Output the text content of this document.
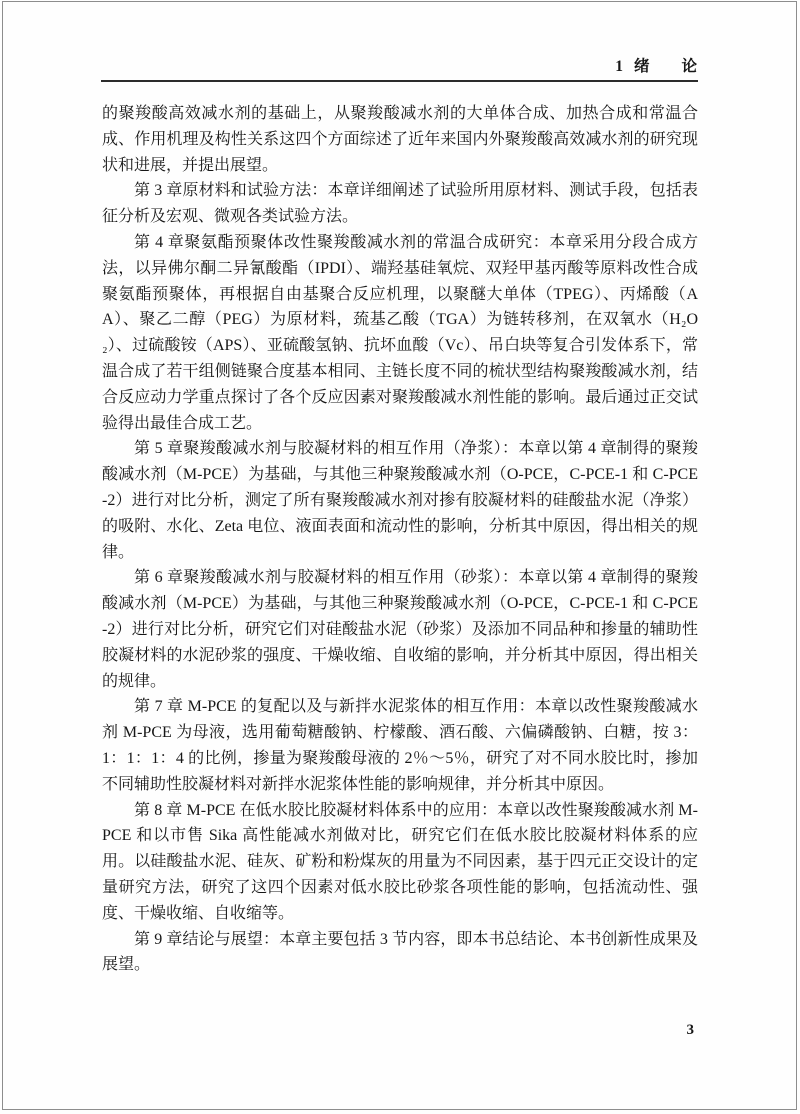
1 绪 论

的聚羧酸高效减水剂的基础上，从聚羧酸减水剂的大单体合成、加热合成和常温合成、作用机理及构性关系这四个方面综述了近年来国内外聚羧酸高效减水剂的研究现状和进展，并提出展望。

第 3 章原材料和试验方法：本章详细阐述了试验所用原材料、测试手段，包括表征分析及宏观、微观各类试验方法。

第 4 章聚氨酯预聚体改性聚羧酸减水剂的常温合成研究：本章采用分段合成方法，以异佛尔酮二异氰酸酯（IPDI）、端羟基硅氧烷、双羟甲基丙酸等原料改性合成聚氨酯预聚体，再根据自由基聚合反应机理，以聚醚大单体（TPEG）、丙烯酸（AA）、聚乙二醇（PEG）为原材料，巯基乙酸（TGA）为链转移剂，在双氧水（H₂O₂）、过硫酸铵（APS）、亚硫酸氢钠、抗坏血酸（Vc）、吊白块等复合引发体系下，常温合成了若干组侧链聚合度基本相同、主链长度不同的梳状型结构聚羧酸减水剂，结合反应动力学重点探讨了各个反应因素对聚羧酸减水剂性能的影响。最后通过正交试验得出最佳合成工艺。

第 5 章聚羧酸减水剂与胶凝材料的相互作用（净浆）：本章以第 4 章制得的聚羧酸减水剂（M-PCE）为基础，与其他三种聚羧酸减水剂（O-PCE，C-PCE-1 和 C-PCE-2）进行对比分析，测定了所有聚羧酸减水剂对掺有胶凝材料的硅酸盐水泥（净浆）的吸附、水化、Zeta 电位、液面表面和流动性的影响，分析其中原因，得出相关的规律。

第 6 章聚羧酸减水剂与胶凝材料的相互作用（砂浆）：本章以第 4 章制得的聚羧酸减水剂（M-PCE）为基础，与其他三种聚羧酸减水剂（O-PCE，C-PCE-1 和 C-PCE-2）进行对比分析，研究它们对硅酸盐水泥（砂浆）及添加不同品种和掺量的辅助性胶凝材料的水泥砂浆的强度、干燥收缩、自收缩的影响，并分析其中原因，得出相关的规律。

第 7 章 M-PCE 的复配以及与新拌水泥浆体的相互作用：本章以改性聚羧酸减水剂 M-PCE 为母液，选用葡萄糖酸钠、柠檬酸、酒石酸、六偏磷酸钠、白糖，按 3：1：1：1：4 的比例，掺量为聚羧酸母液的 2％～5％，研究了对不同水胶比时，掺加不同辅助性胶凝材料对新拌水泥浆体性能的影响规律，并分析其中原因。

第 8 章 M-PCE 在低水胶比胶凝材料体系中的应用：本章以改性聚羧酸减水剂 M-PCE 和以市售 Sika 高性能减水剂做对比，研究它们在低水胶比胶凝材料体系的应用。以硅酸盐水泥、硅灰、矿粉和粉煤灰的用量为不同因素，基于四元正交设计的定量研究方法，研究了这四个因素对低水胶比砂浆各项性能的影响，包括流动性、强度、干燥收缩、自收缩等。

第 9 章结论与展望：本章主要包括 3 节内容，即本书总结论、本书创新性成果及展望。

3
